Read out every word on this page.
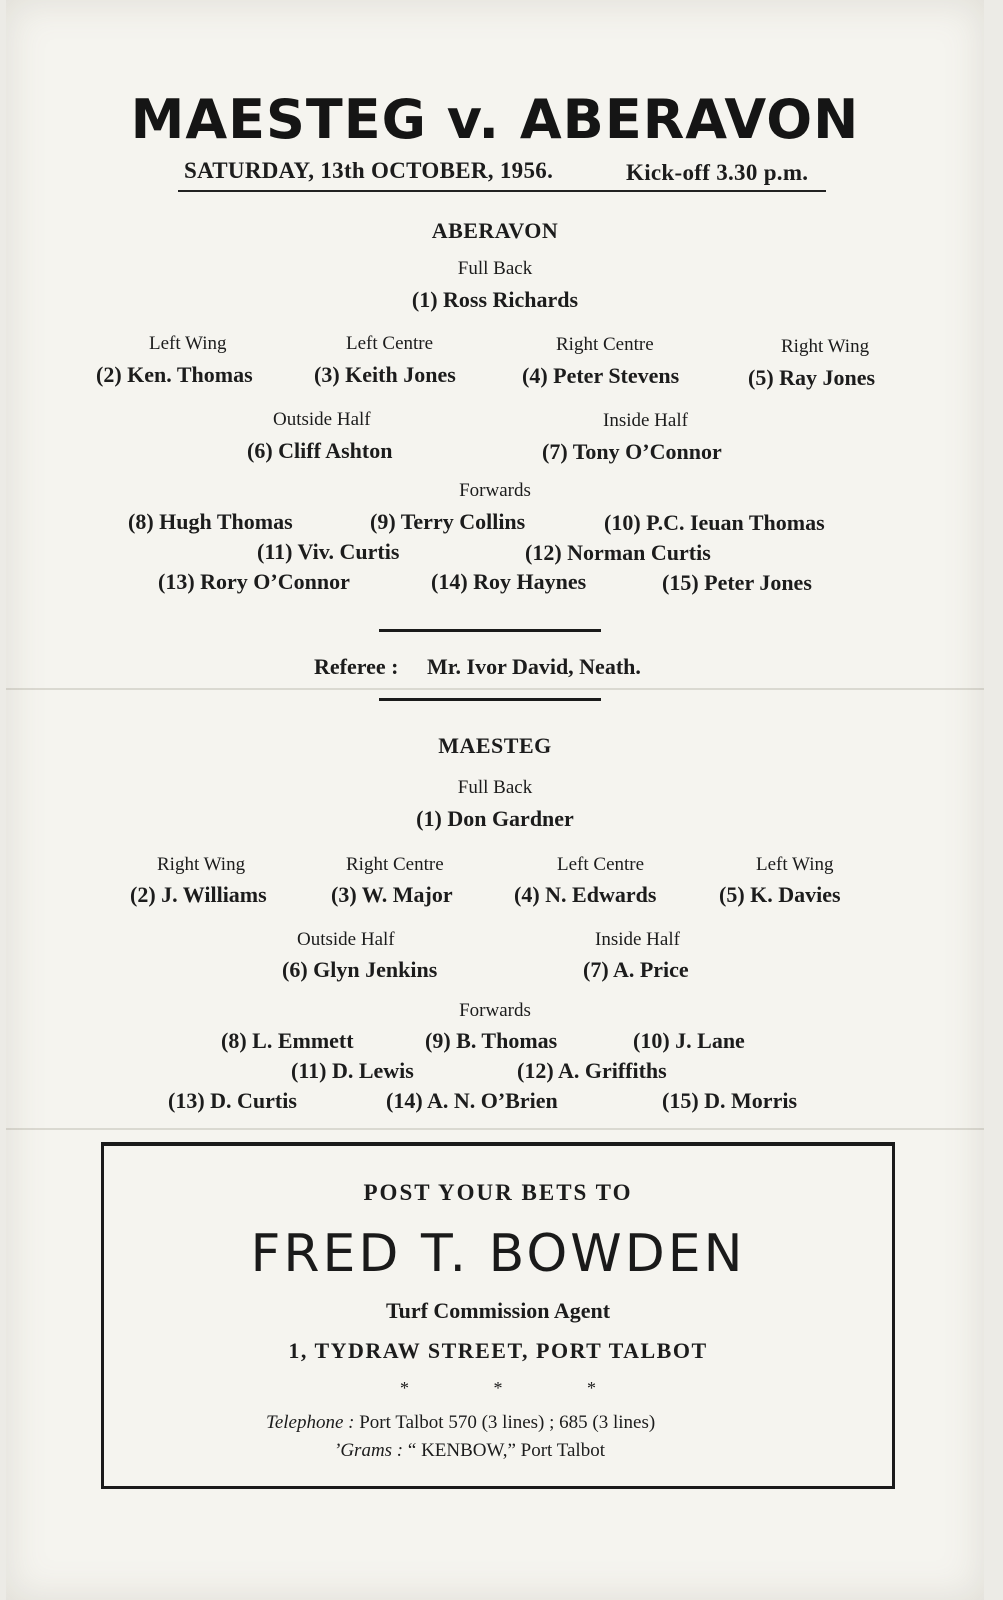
MAESTEG v. ABERAVON
SATURDAY, 13th OCTOBER, 1956.	Kick-off 3.30 p.m.
ABERAVON
Full Back
(1) Ross Richards
Left Wing	Left Centre	Right Centre	Right Wing
(2) Ken. Thomas	(3) Keith Jones	(4) Peter Stevens	(5) Ray Jones
Outside Half	Inside Half
(6) Cliff Ashton	(7) Tony O’Connor
Forwards
(8) Hugh Thomas	(9) Terry Collins	(10) P.C. Ieuan Thomas
(11) Viv. Curtis	(12) Norman Curtis
(13) Rory O’Connor	(14) Roy Haynes	(15) Peter Jones
Referee : Mr. Ivor David, Neath.
MAESTEG
Full Back
(1) Don Gardner
Right Wing	Right Centre	Left Centre	Left Wing
(2) J. Williams	(3) W. Major	(4) N. Edwards	(5) K. Davies
Outside Half	Inside Half
(6) Glyn Jenkins	(7) A. Price
Forwards
(8) L. Emmett	(9) B. Thomas	(10) J. Lane
(11) D. Lewis	(12) A. Griffiths
(13) D. Curtis	(14) A. N. O’Brien	(15) D. Morris
POST YOUR BETS TO
FRED T. BOWDEN
Turf Commission Agent
1, TYDRAW STREET, PORT TALBOT
* * *
Telephone : Port Talbot 570 (3 lines) ; 685 (3 lines)
’Grams : “ KENBOW,” Port Talbot
